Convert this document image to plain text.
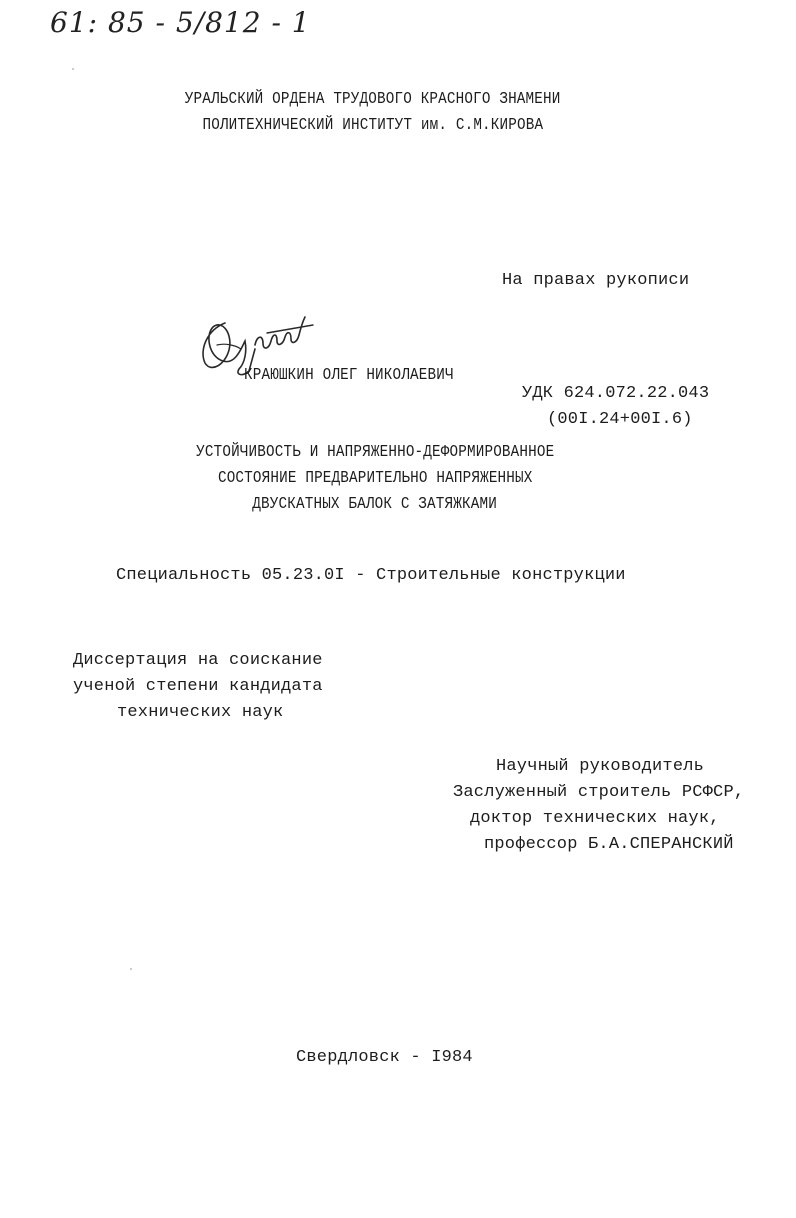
61: 85 - 5/812 - 1
УРАЛЬСКИЙ ОРДЕНА ТРУДОВОГО КРАСНОГО ЗНАМЕНИ
ПОЛИТЕХНИЧЕСКИЙ ИНСТИТУТ им. С.М.КИРОВА
На правах рукописи
КРАЮШКИН ОЛЕГ НИКОЛАЕВИЧ
УДК 624.072.22.043
(00I.24+00I.6)
УСТОЙЧИВОСТЬ И НАПРЯЖЕННО-ДЕФОРМИРОВАННОЕ
СОСТОЯНИЕ ПРЕДВАРИТЕЛЬНО НАПРЯЖЕННЫХ
ДВУСКАТНЫХ БАЛОК С ЗАТЯЖКАМИ
Специальность 05.23.0I - Строительные конструкции
Диссертация на соискание
ученой степени кандидата
технических наук
Научный руководитель
Заслуженный строитель РСФСР,
доктор технических наук,
профессор Б.А.СПЕРАНСКИЙ
Свердловск - I984
